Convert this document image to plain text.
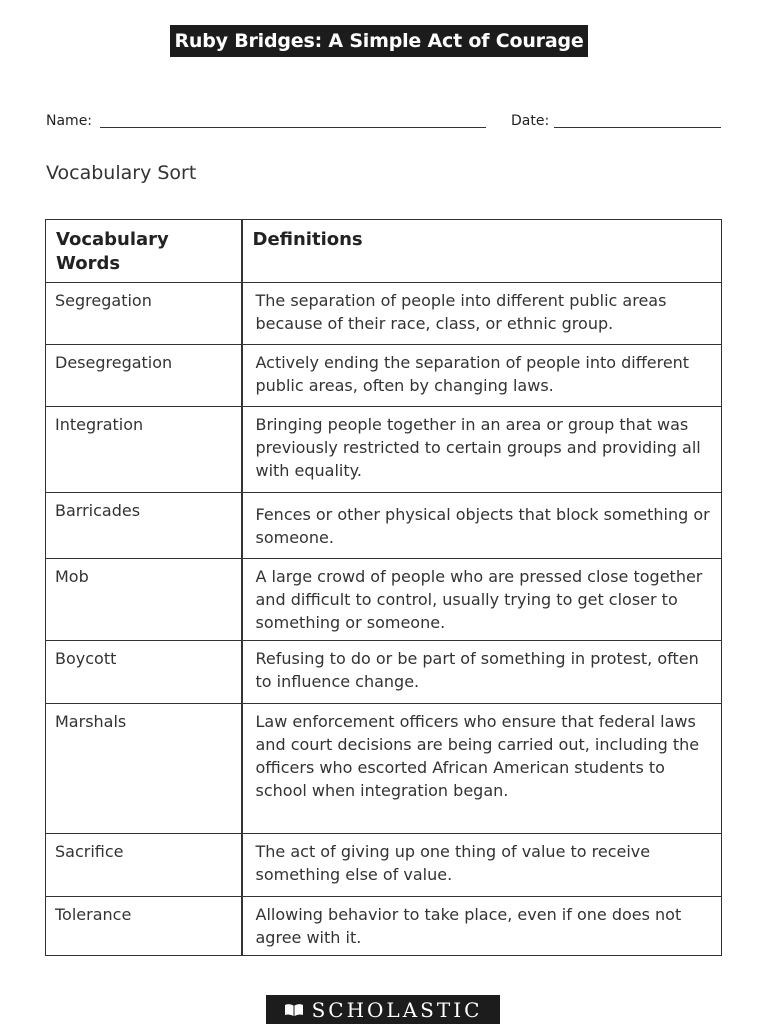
Ruby Bridges: A Simple Act of Courage
Name:	Date:
Vocabulary Sort
Vocabulary Words	Definitions
Segregation	The separation of people into different public areas because of their race, class, or ethnic group.
Desegregation	Actively ending the separation of people into different public areas, often by changing laws.
Integration	Bringing people together in an area or group that was previously restricted to certain groups and providing all with equality.
Barricades	Fences or other physical objects that block something or someone.
Mob	A large crowd of people who are pressed close together and difficult to control, usually trying to get closer to something or someone.
Boycott	Refusing to do or be part of something in protest, often to influence change.
Marshals	Law enforcement officers who ensure that federal laws and court decisions are being carried out, including the officers who escorted African American students to school when integration began.
Sacrifice	The act of giving up one thing of value to receive something else of value.
Tolerance	Allowing behavior to take place, even if one does not agree with it.
SCHOLASTIC
